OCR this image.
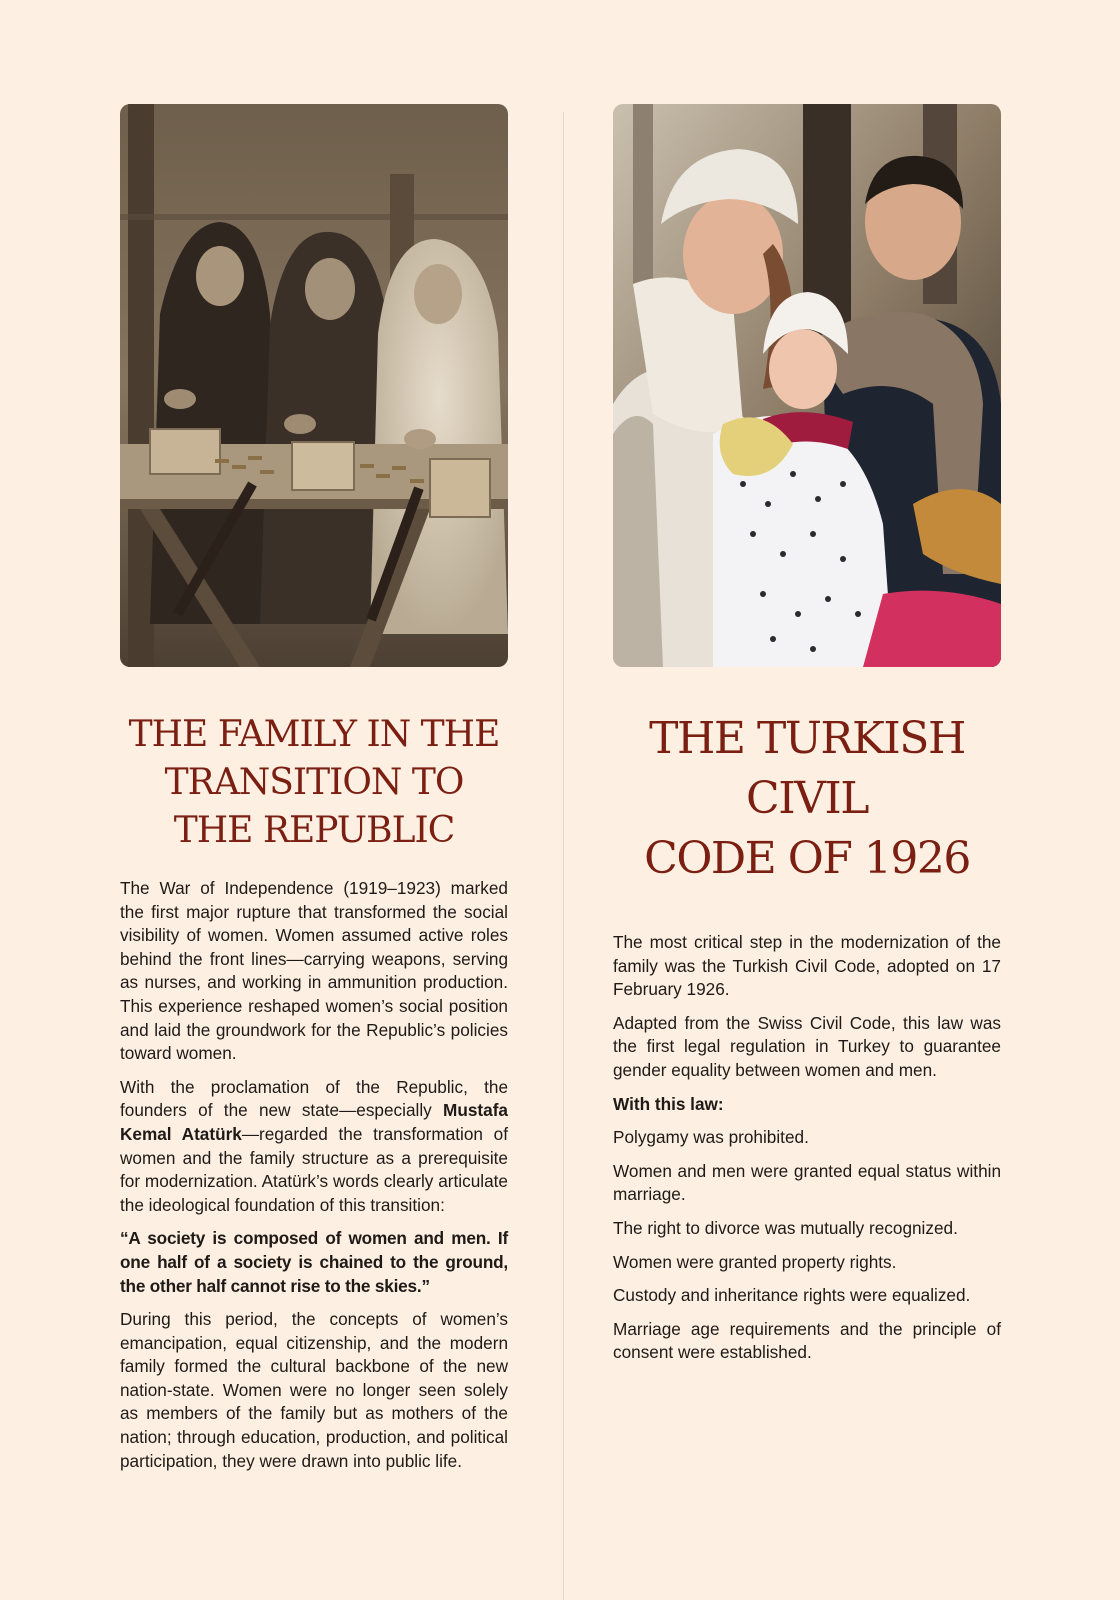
THE FAMILY IN THE
TRANSITION TO
THE REPUBLIC

The War of Independence (1919–1923) marked the first major rupture that transformed the social visibility of women. Women assumed active roles behind the front lines—carrying weapons, serving as nurses, and working in ammunition production. This experience reshaped women’s social position and laid the groundwork for the Republic’s policies toward women.

With the proclamation of the Republic, the founders of the new state—especially Mustafa Kemal Atatürk—regarded the transformation of women and the family structure as a prerequisite for modernization. Atatürk’s words clearly articulate the ideological foundation of this transition:

“A society is composed of women and men. If one half of a society is chained to the ground, the other half cannot rise to the skies.”

During this period, the concepts of women’s emancipation, equal citizenship, and the modern family formed the cultural backbone of the new nation-state. Women were no longer seen solely as members of the family but as mothers of the nation; through education, production, and political participation, they were drawn into public life.

THE TURKISH CIVIL
CODE OF 1926

The most critical step in the modernization of the family was the Turkish Civil Code, adopted on 17 February 1926.

Adapted from the Swiss Civil Code, this law was the first legal regulation in Turkey to guarantee gender equality between women and men.

With this law:

Polygamy was prohibited.

Women and men were granted equal status within marriage.

The right to divorce was mutually recognized.

Women were granted property rights.

Custody and inheritance rights were equalized.

Marriage age requirements and the principle of consent were established.
